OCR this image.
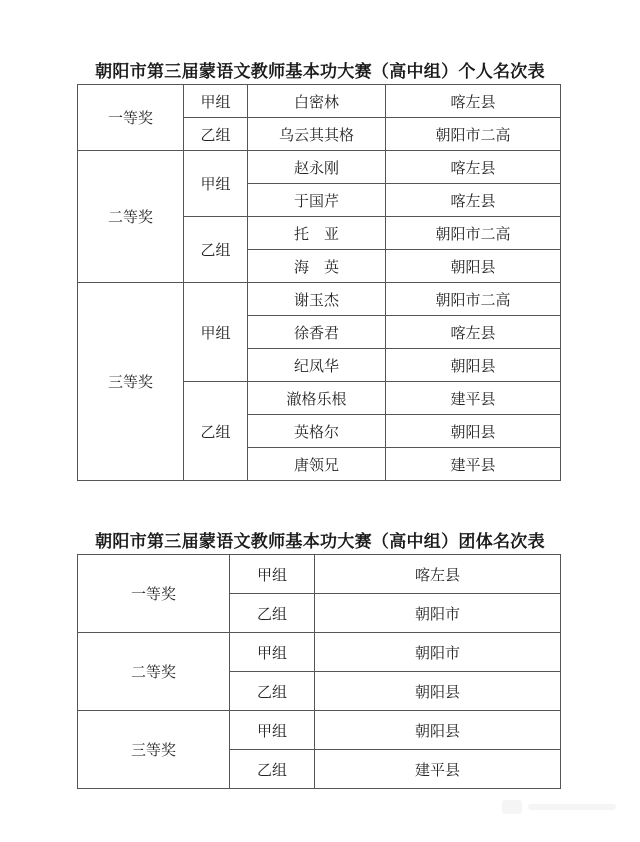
朝阳市第三届蒙语文教师基本功大赛（高中组）个人名次表
一等奖	甲组	白密林	喀左县
	乙组	乌云其其格	朝阳市二高
二等奖	甲组	赵永刚	喀左县
		于国芹	喀左县
	乙组	托　亚	朝阳市二高
		海　英	朝阳县
三等奖	甲组	谢玉杰	朝阳市二高
		徐香君	喀左县
		纪凤华	朝阳县
	乙组	澈格乐根	建平县
		英格尔	朝阳县
		唐领兄	建平县
朝阳市第三届蒙语文教师基本功大赛（高中组）团体名次表
一等奖	甲组	喀左县
	乙组	朝阳市
二等奖	甲组	朝阳市
	乙组	朝阳县
三等奖	甲组	朝阳县
	乙组	建平县
